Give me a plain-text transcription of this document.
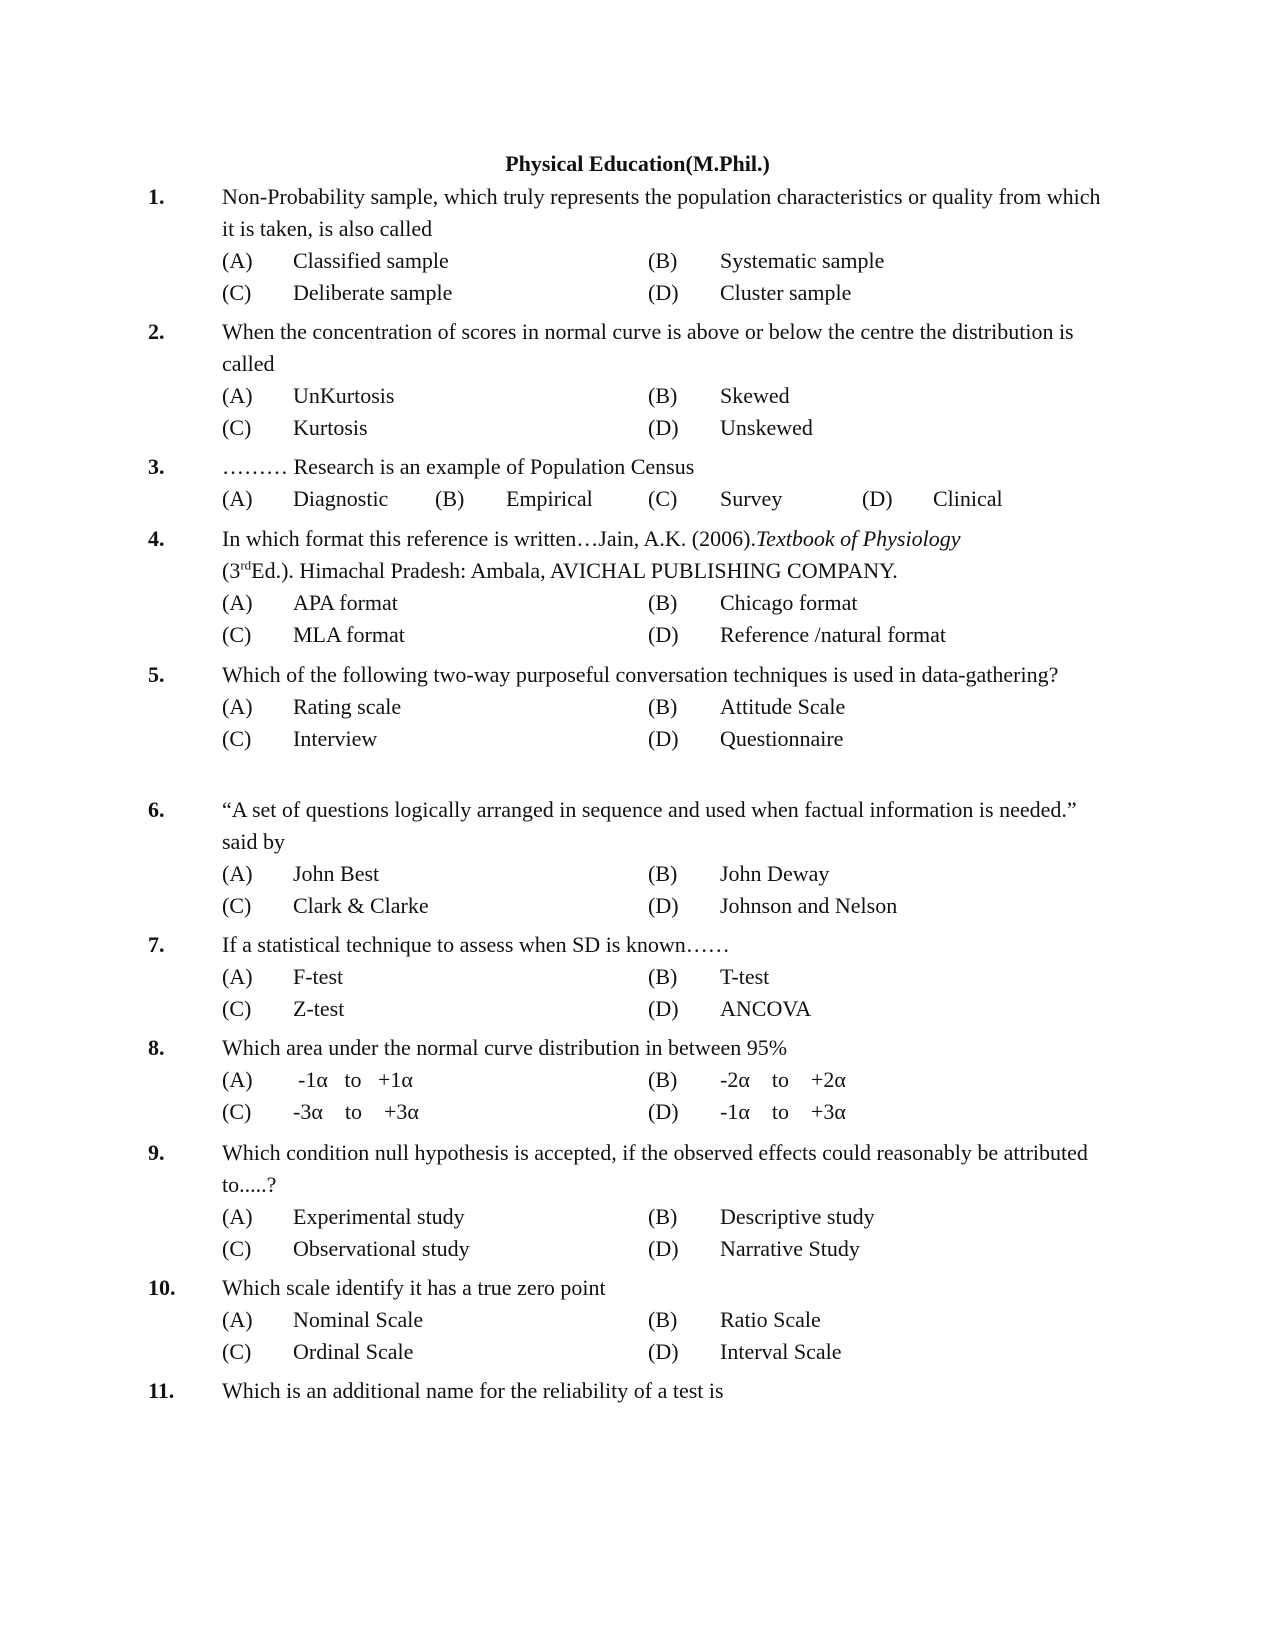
Physical Education(M.Phil.)
1.	Non-Probability sample, which truly represents the population characteristics or quality from which it is taken, is also called
(A) Classified sample	(B) Systematic sample
(C) Deliberate sample	(D) Cluster sample
2.	When the concentration of scores in normal curve is above or below the centre the distribution is called
(A) UnKurtosis	(B) Skewed
(C) Kurtosis	(D) Unskewed
3.	……… Research is an example of Population Census
(A) Diagnostic (B) Empirical	(C) Survey	(D) Clinical
4.	In which format this reference is written…Jain, A.K. (2006).Textbook of Physiology
(3rdEd.). Himachal Pradesh: Ambala, AVICHAL PUBLISHING COMPANY.
(A) APA format	(B) Chicago format
(C) MLA format	(D) Reference /natural format
5.	Which of the following two-way purposeful conversation techniques is used in data-gathering?
(A) Rating scale	(B) Attitude Scale
(C) Interview	(D) Questionnaire
6.	“A set of questions logically arranged in sequence and used when factual information is needed.” said by
(A) John Best	(B) John Deway
(C) Clark & Clarke	(D) Johnson and Nelson
7.	If a statistical technique to assess when SD is known……
(A) F-test	(B) T-test
(C) Z-test	(D) ANCOVA
8.	Which area under the normal curve distribution in between 95%
(A) -1α   to   +1α	(B) -2α    to    +2α
(C) -3α    to    +3α	(D) -1α    to    +3α
9.	Which condition null hypothesis is accepted, if the observed effects could reasonably be attributed to.....?
(A) Experimental study	(B) Descriptive study
(C) Observational study	(D) Narrative Study
10. Which scale identify it has a true zero point
(A) Nominal Scale	(B) Ratio Scale
(C) Ordinal Scale	(D) Interval Scale
11. Which is an additional name for the reliability of a test is
